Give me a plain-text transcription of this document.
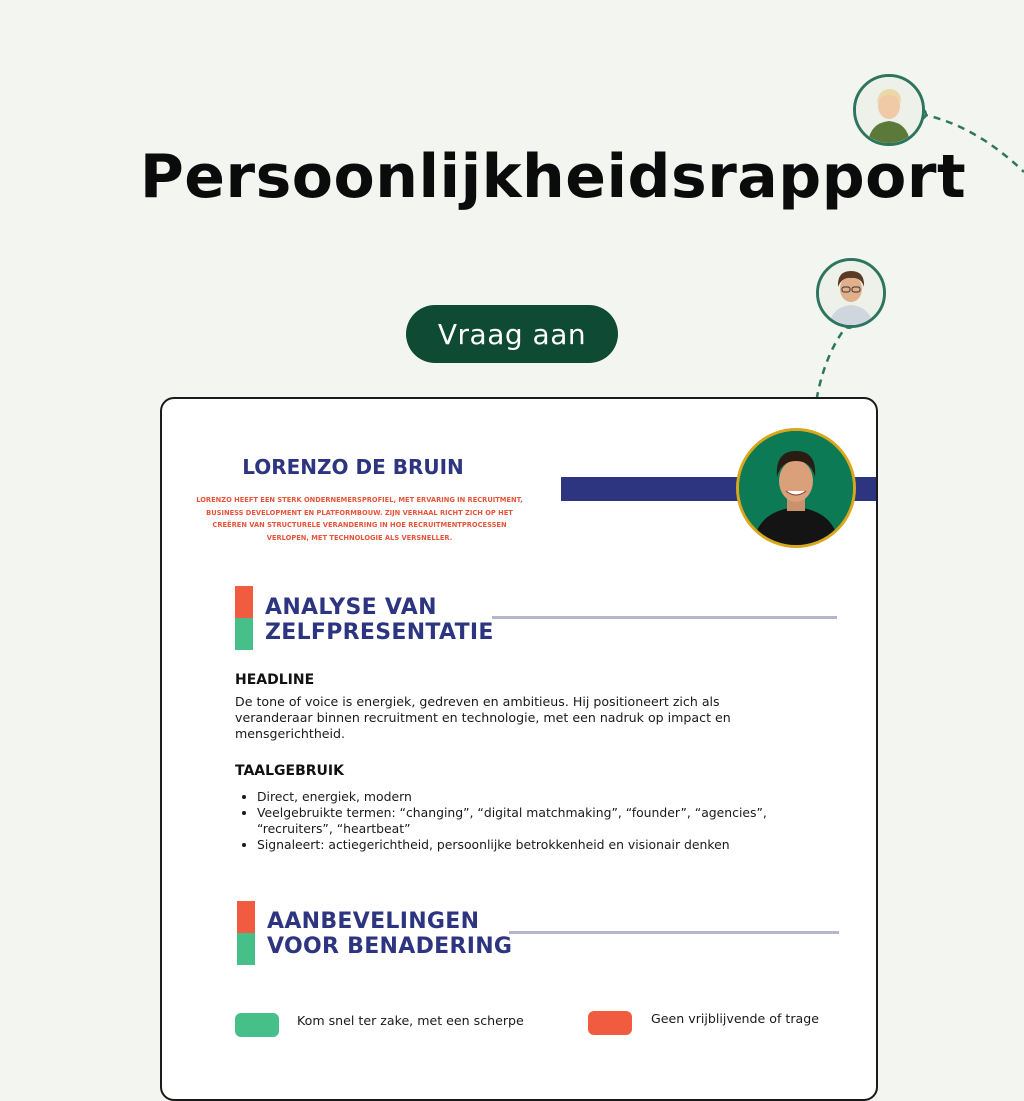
Persoonlijkheidsrapport
Vraag aan
LORENZO DE BRUIN

LORENZO HEEFT EEN STERK ONDERNEMERSPROFIEL, MET ERVARING IN RECRUITMENT, BUSINESS DEVELOPMENT EN PLATFORMBOUW. ZIJN VERHAAL RICHT ZICH OP HET CREËREN VAN STRUCTURELE VERANDERING IN HOE RECRUITMENTPROCESSEN VERLOPEN, MET TECHNOLOGIE ALS VERSNELLER.

ANALYSE VAN
ZELFPRESENTATIE
HEADLINE

De tone of voice is energiek, gedreven en ambitieus. Hij positioneert zich als veranderaar binnen recruitment en technologie, met een nadruk op impact en mensgerichtheid.

TAALGEBRUIK
• Direct, energiek, modern
• Veelgebruikte termen: “changing”, “digital matchmaking”, “founder”, “agencies”, “recruiters”, “heartbeat”
• Signaleert: actiegerichtheid, persoonlijke betrokkenheid en visionair denken
AANBEVELINGEN
VOOR BENADERING

Kom snel ter zake, met een scherpe	Geen vrijblijvende of trage
